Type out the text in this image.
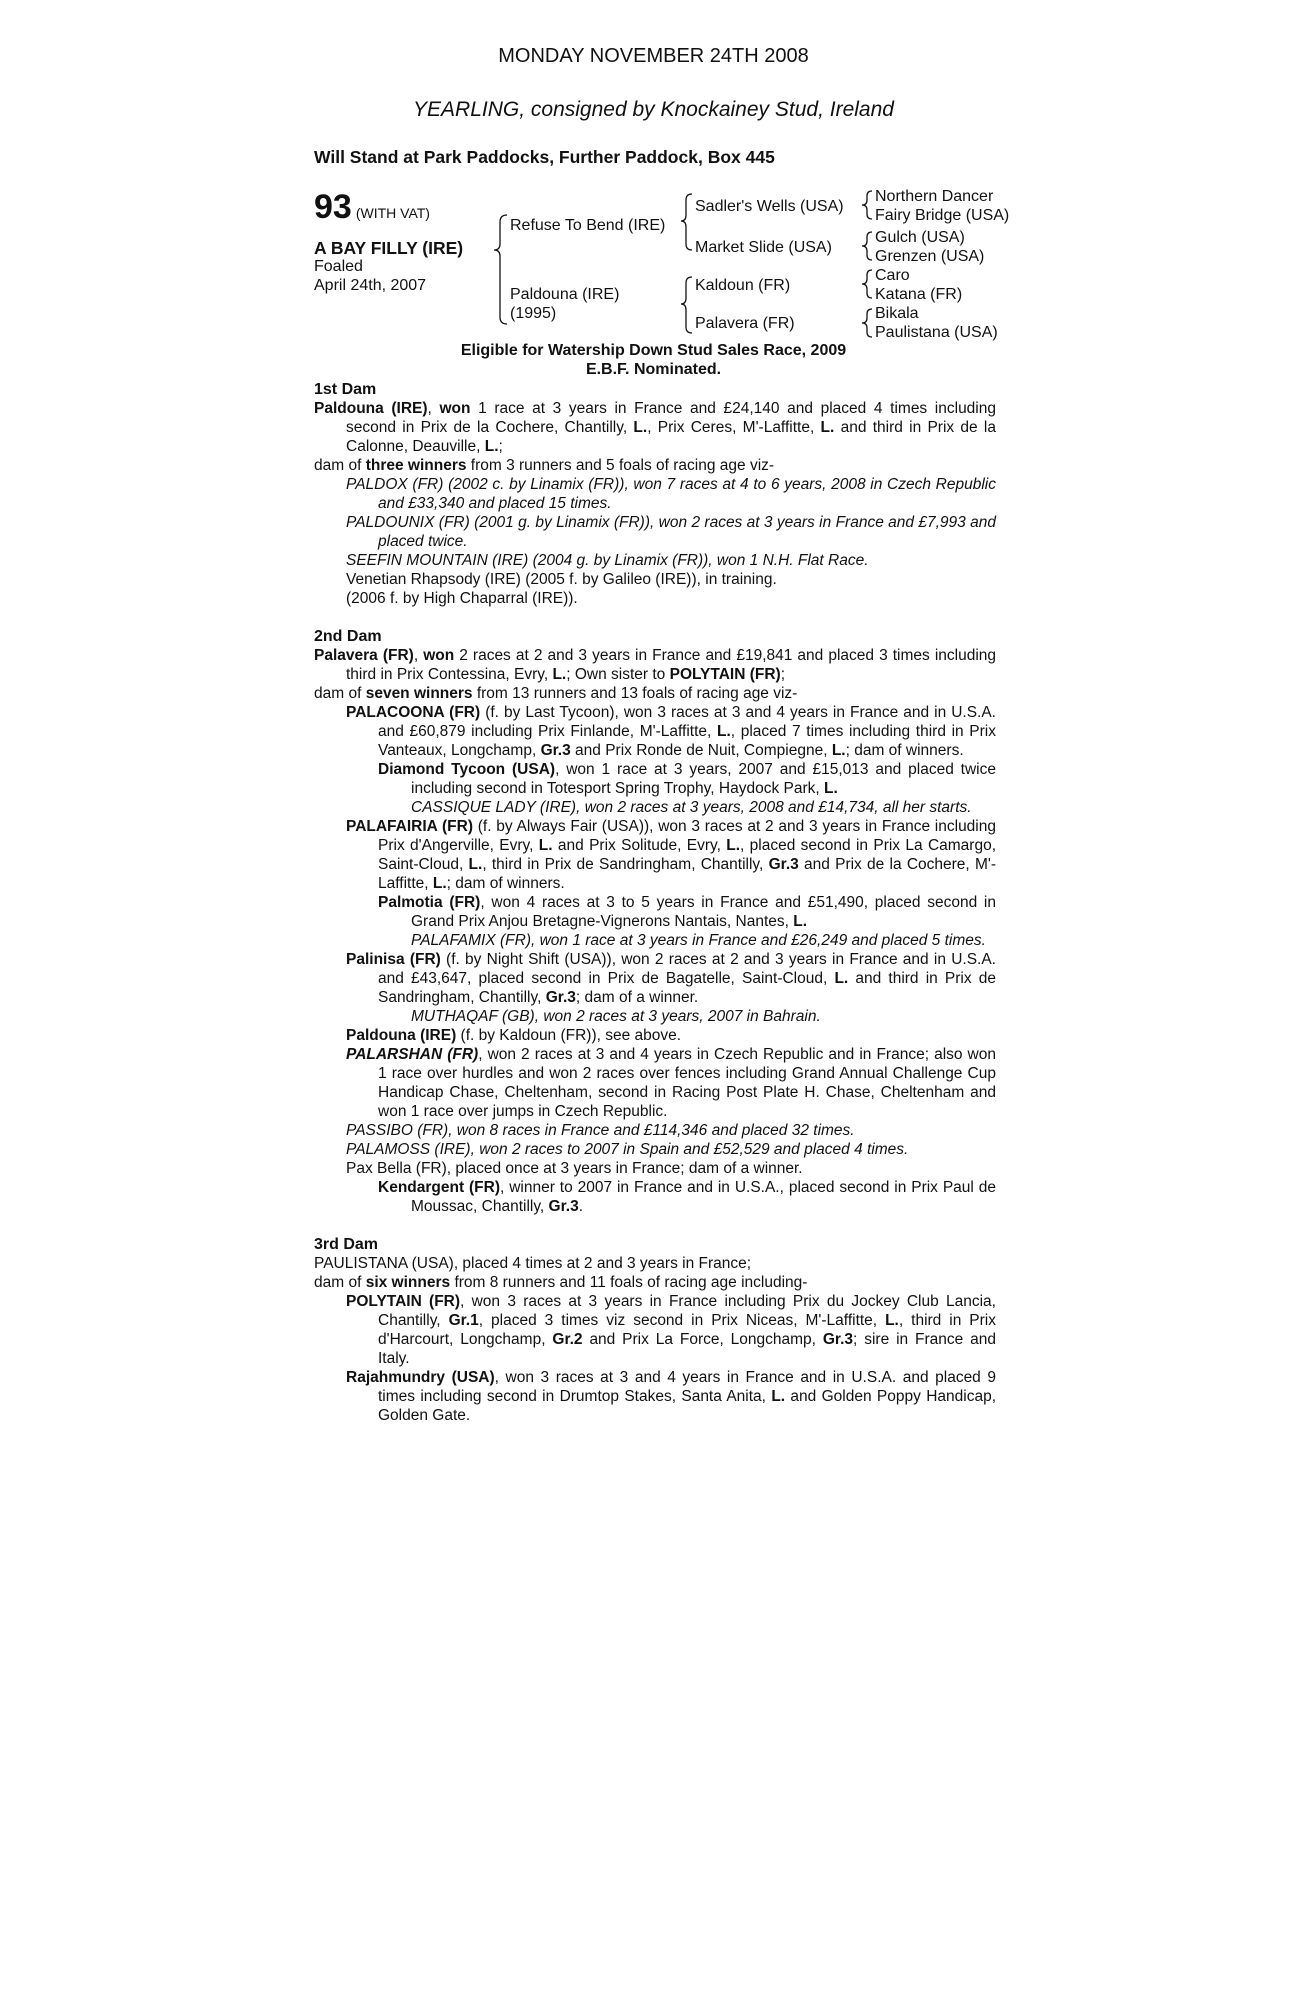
MONDAY NOVEMBER 24TH 2008
YEARLING, consigned by Knockainey Stud, Ireland
Will Stand at Park Paddocks, Further Paddock, Box 445
93 (WITH VAT)
A BAY FILLY (IRE)
Foaled
April 24th, 2007
Refuse To Bend (IRE)
Paldouna (IRE)
(1995)
Sadler's Wells (USA)
Market Slide (USA)
Kaldoun (FR)
Palavera (FR)
Northern Dancer
Fairy Bridge (USA)
Gulch (USA)
Grenzen (USA)
Caro
Katana (FR)
Bikala
Paulistana (USA)
Eligible for Watership Down Stud Sales Race, 2009
E.B.F. Nominated.

1st Dam

Paldouna (IRE), won 1 race at 3 years in France and £24,140 and placed 4 times including second in Prix de la Cochere, Chantilly, L., Prix Ceres, M'-Laffitte, L. and third in Prix de la Calonne, Deauville, L.;

dam of three winners from 3 runners and 5 foals of racing age viz-

PALDOX (FR) (2002 c. by Linamix (FR)), won 7 races at 4 to 6 years, 2008 in Czech Republic and £33,340 and placed 15 times.

PALDOUNIX (FR) (2001 g. by Linamix (FR)), won 2 races at 3 years in France and £7,993 and placed twice.

SEEFIN MOUNTAIN (IRE) (2004 g. by Linamix (FR)), won 1 N.H. Flat Race.

Venetian Rhapsody (IRE) (2005 f. by Galileo (IRE)), in training.

(2006 f. by High Chaparral (IRE)).

2nd Dam

Palavera (FR), won 2 races at 2 and 3 years in France and £19,841 and placed 3 times including third in Prix Contessina, Evry, L.; Own sister to POLYTAIN (FR);

dam of seven winners from 13 runners and 13 foals of racing age viz-

PALACOONA (FR) (f. by Last Tycoon), won 3 races at 3 and 4 years in France and in U.S.A. and £60,879 including Prix Finlande, M'-Laffitte, L., placed 7 times including third in Prix Vanteaux, Longchamp, Gr.3 and Prix Ronde de Nuit, Compiegne, L.; dam of winners.

Diamond Tycoon (USA), won 1 race at 3 years, 2007 and £15,013 and placed twice including second in Totesport Spring Trophy, Haydock Park, L.

CASSIQUE LADY (IRE), won 2 races at 3 years, 2008 and £14,734, all her starts.

PALAFAIRIA (FR) (f. by Always Fair (USA)), won 3 races at 2 and 3 years in France including Prix d'Angerville, Evry, L. and Prix Solitude, Evry, L., placed second in Prix La Camargo, Saint-Cloud, L., third in Prix de Sandringham, Chantilly, Gr.3 and Prix de la Cochere, M'-Laffitte, L.; dam of winners.

Palmotia (FR), won 4 races at 3 to 5 years in France and £51,490, placed second in Grand Prix Anjou Bretagne-Vignerons Nantais, Nantes, L.

PALAFAMIX (FR), won 1 race at 3 years in France and £26,249 and placed 5 times.

Palinisa (FR) (f. by Night Shift (USA)), won 2 races at 2 and 3 years in France and in U.S.A. and £43,647, placed second in Prix de Bagatelle, Saint-Cloud, L. and third in Prix de Sandringham, Chantilly, Gr.3; dam of a winner.

MUTHAQAF (GB), won 2 races at 3 years, 2007 in Bahrain.

Paldouna (IRE) (f. by Kaldoun (FR)), see above.

PALARSHAN (FR), won 2 races at 3 and 4 years in Czech Republic and in France; also won 1 race over hurdles and won 2 races over fences including Grand Annual Challenge Cup Handicap Chase, Cheltenham, second in Racing Post Plate H. Chase, Cheltenham and won 1 race over jumps in Czech Republic.

PASSIBO (FR), won 8 races in France and £114,346 and placed 32 times.

PALAMOSS (IRE), won 2 races to 2007 in Spain and £52,529 and placed 4 times.

Pax Bella (FR), placed once at 3 years in France; dam of a winner.

Kendargent (FR), winner to 2007 in France and in U.S.A., placed second in Prix Paul de Moussac, Chantilly, Gr.3.

3rd Dam

PAULISTANA (USA), placed 4 times at 2 and 3 years in France;

dam of six winners from 8 runners and 11 foals of racing age including-

POLYTAIN (FR), won 3 races at 3 years in France including Prix du Jockey Club Lancia, Chantilly, Gr.1, placed 3 times viz second in Prix Niceas, M'-Laffitte, L., third in Prix d'Harcourt, Longchamp, Gr.2 and Prix La Force, Longchamp, Gr.3; sire in France and Italy.

Rajahmundry (USA), won 3 races at 3 and 4 years in France and in U.S.A. and placed 9 times including second in Drumtop Stakes, Santa Anita, L. and Golden Poppy Handicap, Golden Gate.
